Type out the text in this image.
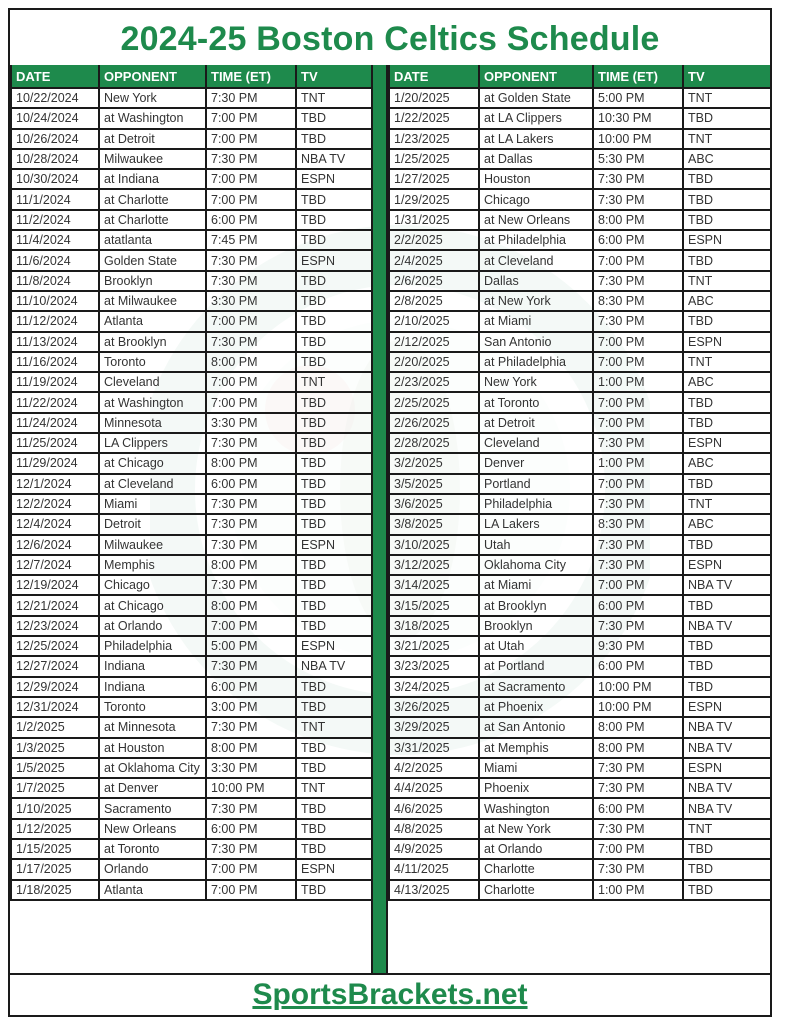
2024-25 Boston Celtics Schedule
DATE	OPPONENT	TIME (ET)	TV
10/22/2024	New York	7:30 PM	TNT
10/24/2024	at Washington	7:00 PM	TBD
10/26/2024	at Detroit	7:00 PM	TBD
10/28/2024	Milwaukee	7:30 PM	NBA TV
10/30/2024	at Indiana	7:00 PM	ESPN
11/1/2024	at Charlotte	7:00 PM	TBD
11/2/2024	at Charlotte	6:00 PM	TBD
11/4/2024	atatlanta	7:45 PM	TBD
11/6/2024	Golden State	7:30 PM	ESPN
11/8/2024	Brooklyn	7:30 PM	TBD
11/10/2024	at Milwaukee	3:30 PM	TBD
11/12/2024	Atlanta	7:00 PM	TBD
11/13/2024	at Brooklyn	7:30 PM	TBD
11/16/2024	Toronto	8:00 PM	TBD
11/19/2024	Cleveland	7:00 PM	TNT
11/22/2024	at Washington	7:00 PM	TBD
11/24/2024	Minnesota	3:30 PM	TBD
11/25/2024	LA Clippers	7:30 PM	TBD
11/29/2024	at Chicago	8:00 PM	TBD
12/1/2024	at Cleveland	6:00 PM	TBD
12/2/2024	Miami	7:30 PM	TBD
12/4/2024	Detroit	7:30 PM	TBD
12/6/2024	Milwaukee	7:30 PM	ESPN
12/7/2024	Memphis	8:00 PM	TBD
12/19/2024	Chicago	7:30 PM	TBD
12/21/2024	at Chicago	8:00 PM	TBD
12/23/2024	at Orlando	7:00 PM	TBD
12/25/2024	Philadelphia	5:00 PM	ESPN
12/27/2024	Indiana	7:30 PM	NBA TV
12/29/2024	Indiana	6:00 PM	TBD
12/31/2024	Toronto	3:00 PM	TBD
1/2/2025	at Minnesota	7:30 PM	TNT
1/3/2025	at Houston	8:00 PM	TBD
1/5/2025	at Oklahoma City	3:30 PM	TBD
1/7/2025	at Denver	10:00 PM	TNT
1/10/2025	Sacramento	7:30 PM	TBD
1/12/2025	New Orleans	6:00 PM	TBD
1/15/2025	at Toronto	7:30 PM	TBD
1/17/2025	Orlando	7:00 PM	ESPN
1/18/2025	Atlanta	7:00 PM	TBD
DATE	OPPONENT	TIME (ET)	TV
1/20/2025	at Golden State	5:00 PM	TNT
1/22/2025	at LA Clippers	10:30 PM	TBD
1/23/2025	at LA Lakers	10:00 PM	TNT
1/25/2025	at Dallas	5:30 PM	ABC
1/27/2025	Houston	7:30 PM	TBD
1/29/2025	Chicago	7:30 PM	TBD
1/31/2025	at New Orleans	8:00 PM	TBD
2/2/2025	at Philadelphia	6:00 PM	ESPN
2/4/2025	at Cleveland	7:00 PM	TBD
2/6/2025	Dallas	7:30 PM	TNT
2/8/2025	at New York	8:30 PM	ABC
2/10/2025	at Miami	7:30 PM	TBD
2/12/2025	San Antonio	7:00 PM	ESPN
2/20/2025	at Philadelphia	7:00 PM	TNT
2/23/2025	New York	1:00 PM	ABC
2/25/2025	at Toronto	7:00 PM	TBD
2/26/2025	at Detroit	7:00 PM	TBD
2/28/2025	Cleveland	7:30 PM	ESPN
3/2/2025	Denver	1:00 PM	ABC
3/5/2025	Portland	7:00 PM	TBD
3/6/2025	Philadelphia	7:30 PM	TNT
3/8/2025	LA Lakers	8:30 PM	ABC
3/10/2025	Utah	7:30 PM	TBD
3/12/2025	Oklahoma City	7:30 PM	ESPN
3/14/2025	at Miami	7:00 PM	NBA TV
3/15/2025	at Brooklyn	6:00 PM	TBD
3/18/2025	Brooklyn	7:30 PM	NBA TV
3/21/2025	at Utah	9:30 PM	TBD
3/23/2025	at Portland	6:00 PM	TBD
3/24/2025	at Sacramento	10:00 PM	TBD
3/26/2025	at Phoenix	10:00 PM	ESPN
3/29/2025	at San Antonio	8:00 PM	NBA TV
3/31/2025	at Memphis	8:00 PM	NBA TV
4/2/2025	Miami	7:30 PM	ESPN
4/4/2025	Phoenix	7:30 PM	NBA TV
4/6/2025	Washington	6:00 PM	NBA TV
4/8/2025	at New York	7:30 PM	TNT
4/9/2025	at Orlando	7:00 PM	TBD
4/11/2025	Charlotte	7:30 PM	TBD
4/13/2025	Charlotte	1:00 PM	TBD
SportsBrackets.net
